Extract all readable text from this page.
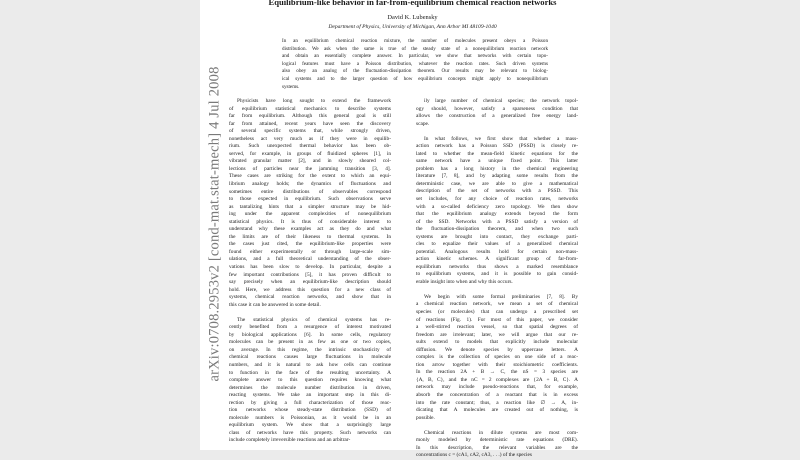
arXiv:0708.2953v2 [cond-mat.stat-mech] 4 Jul 2008
Equilibrium-like behavior in far-from-equilibrium chemical reaction networks
David K. Lubensky
Department of Physics, University of Michigan, Ann Arbor MI 48109-1040
In an equilibrium chemical reaction mixture, the number of molecules present obeys a Poisson
distribution. We ask when the same is true of the steady state of a nonequilibrium reaction network
and obtain an essentially complete answer. In particular, we show that networks with certain topo-
logical features must have a Poisson distribution, whatever the reaction rates. Such driven systems
also obey an analog of the fluctuation-dissipation theorem. Our results may be relevant to biolog-
ical systems and to the larger question of how equilibrium concepts might apply to nonequilibrium
systems.
Physicists have long sought to extend the framework
of equilibrium statistical mechanics to describe systems
far from equilibrium. Although this general goal is still
far from attained, recent years have seen the discovery
of several specific systems that, while strongly driven,
nonetheless act very much as if they were in equilib-
rium. Such unexpected thermal behavior has been ob-
served, for example, in groups of fluidized spheres [1], in
vibrated granular matter [2], and in slowly sheared col-
lections of particles near the jamming transition [3, 4].
These cases are striking for the extent to which an equi-
librium analogy holds; the dynamics of fluctuations and
sometimes entire distributions of observables correspond
to those expected in equilibrium. Such observations serve
as tantalizing hints that a simpler structure may be hid-
ing under the apparent complexities of nonequilibrium
statistical physics. It is thus of considerable interest to
understand why these examples act as they do and what
the limits are of their likeness to thermal systems. In
the cases just cited, the equilibrium-like properties were
found either experimentally or through large-scale sim-
ulations, and a full theoretical understanding of the obser-
vations has been slow to develop. In particular, despite a
few important contributions [5], it has proven difficult to
say precisely when an equilibrium-like description should
hold. Here, we address this question for a new class of
systems, chemical reaction networks, and show that in
this case it can be answered in some detail.
The statistical physics of chemical systems has re-
cently benefited from a resurgence of interest motivated
by biological applications [6]. In some cells, regulatory
molecules can be present in as few as one or two copies,
on average. In this regime, the intrinsic stochasticity of
chemical reactions causes large fluctuations in molecule
numbers, and it is natural to ask how cells can continue
to function in the face of the resulting uncertainty. A
complete answer to this question requires knowing what
determines the molecule number distribution in driven,
reacting systems. We take an important step in this di-
rection by giving a full characterization of those reac-
tion networks whose steady-state distribution (SSD) of
molecule numbers is Poissonian, as it would be in an
equilibrium system. We show that a surprisingly large
class of networks have this property. Such networks can
include completely irreversible reactions and an arbitrar-
ily large number of chemical species; the network topol-
ogy should, however, satisfy a sparseness condition that
allows the construction of a generalized free energy land-
scape.
In what follows, we first show that whether a mass-
action network has a Poisson SSD (PSSD) is closely re-
lated to whether the mean-field kinetic equations for the
same network have a unique fixed point. This latter
problem has a long history in the chemical engineering
literature [7, 8], and by adapting some results from the
deterministic case, we are able to give a mathematical
description of the set of networks with a PSSD. This
set includes, for any choice of reaction rates, networks
with a so-called deficiency zero topology. We then show
that the equilibrium analogy extends beyond the form
of the SSD. Networks with a PSSD satisfy a version of
the fluctuation-dissipation theorem, and when two such
systems are brought into contact, they exchange parti-
cles to equalize their values of a generalized chemical
potential. Analogous results hold for certain non-mass-
action kinetic schemes. A significant group of far-from-
equilibrium networks thus shows a marked resemblance
to equilibrium systems, and it is possible to gain consid-
erable insight into when and why this occurs.
We begin with some formal preliminaries [7, 8]. By
a chemical reaction network, we mean a set of chemical
species (or molecules) that can undergo a prescribed set
of reactions (Fig. 1). For most of this paper, we consider
a well-stirred reaction vessel, so that spatial degrees of
freedom are irrelevant; later, we will argue that our re-
sults extend to models that explicitly include molecular
diffusion. We denote species by uppercase letters. A
complex is the collection of species on one side of a reac-
tion arrow together with their stoichiometric coefficients.
In the reaction 2A + B → C, the nS = 3 species are
{A, B, C}, and the nC = 2 complexes are {2A + B, C}. A
network may include pseudo-reactions that, for example,
absorb the concentration of a reactant that is in excess
into the rate constant; thus, a reaction like ∅ → A, in-
dicating that A molecules are created out of nothing, is
possible.
Chemical reactions in dilute systems are most com-
monly modeled by deterministic rate equations (DRE).
In this description, the relevant variables are the
concentrations c = (cA1, cA2, cA3, . . .) of the species
